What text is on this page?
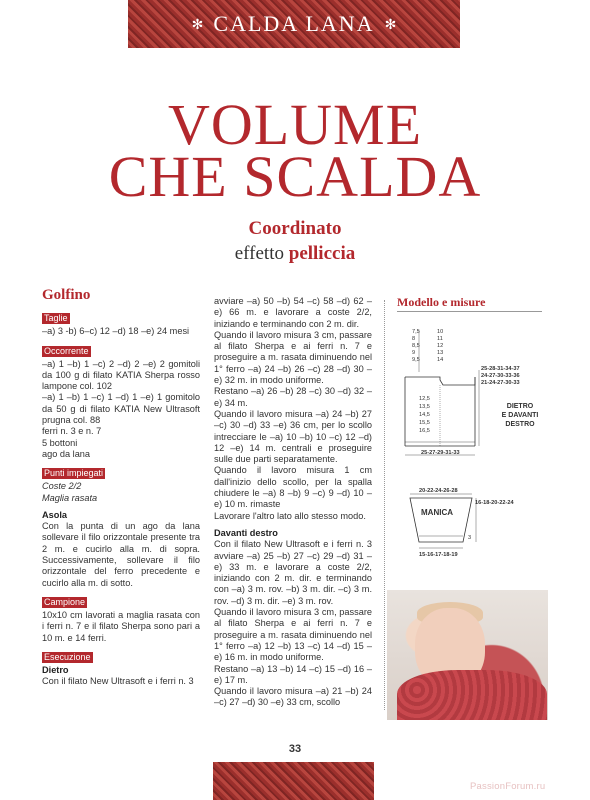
✻ CALDA LANA ✻
VOLUME
CHE SCALDA
Coordinato
effetto pelliccia
Golfino
Taglie

–a) 3 -b) 6–c) 12 –d) 18 –e) 24 mesi

Occorrente

–a) 1 –b) 1 –c) 2 –d) 2 –e) 2 gomitoli da 100 g di filato KATIA Sherpa rosso lampone col. 102

–a) 1 –b) 1 –c) 1 –d) 1 –e) 1 gomitolo da 50 g di filato KATIA New Ultrasoft prugna col. 88

ferri n. 3 e n. 7

5 bottoni

ago da lana

Punti impiegati

Coste 2/2

Maglia rasata

Asola

Con la punta di un ago da lana sollevare il filo orizzontale presente tra 2 m. e cucirlo alla m. di sopra. Successivamente, sollevare il filo orizzontale del ferro precedente e cucirlo alla m. di sotto.

Campione

10x10 cm lavorati a maglia rasata con i ferri n. 7 e il filato Sherpa sono pari a 10 m. e 14 ferri.

Esecuzione
Dietro

Con il filato New Ultrasoft e i ferri n. 3

avviare –a) 50 –b) 54 –c) 58 –d) 62 –e) 66 m. e lavorare a coste 2/2, iniziando e terminando con 2 m. dir.

Quando il lavoro misura 3 cm, passare al filato Sherpa e ai ferri n. 7 e proseguire a m. rasata diminuendo nel 1° ferro –a) 24 –b) 26 –c) 28 –d) 30 –e) 32 m. in modo uniforme.

Restano –a) 26 –b) 28 –c) 30 –d) 32 –e) 34 m.

Quando il lavoro misura –a) 24 –b) 27 –c) 30 –d) 33 –e) 36 cm, per lo scollo intrecciare le –a) 10 –b) 10 –c) 12 –d) 12 –e) 14 m. centrali e proseguire sulle due parti separatamente.

Quando il lavoro misura 1 cm dall'inizio dello scollo, per la spalla chiudere le –a) 8 –b) 9 –c) 9 –d) 10 –e) 10 m. rimaste

Lavorare l'altro lato allo stesso modo.

Davanti destro

Con il filato New Ultrasoft e i ferri n. 3 avviare –a) 25 –b) 27 –c) 29 –d) 31 –e) 33 m. e lavorare a coste 2/2, iniziando con 2 m. dir. e terminando con –a) 3 m. rov. –b) 3 m. dir. –c) 3 m. rov. –d) 3 m. dir. –e) 3 m. rov.

Quando il lavoro misura 3 cm, passare al filato Sherpa e ai ferri n. 7 e proseguire a m. rasata diminuendo nel 1° ferro –a) 12 –b) 13 –c) 14 –d) 15 –e) 16 m. in modo uniforme.

Restano –a) 13 –b) 14 –c) 15 –d) 16 –e) 17 m.

Quando il lavoro misura –a) 21 –b) 24 –c) 27 –d) 30 –e) 33 cm, scollo

Modello e misure
7,5
8
8,5
9
9,5
10
11
12
13
14
25-28-31-34-37
24-27-30-33-36
21-24-27-30-33
12,5
13,5
14,5
15,5
16,5
DIETRO
E DAVANTI
DESTRO
25-27-29-31-33
20-22-24-26-28
16-18-20-22-24
MANICA
3
15-16-17-18-19
33
PassionForum.ru
